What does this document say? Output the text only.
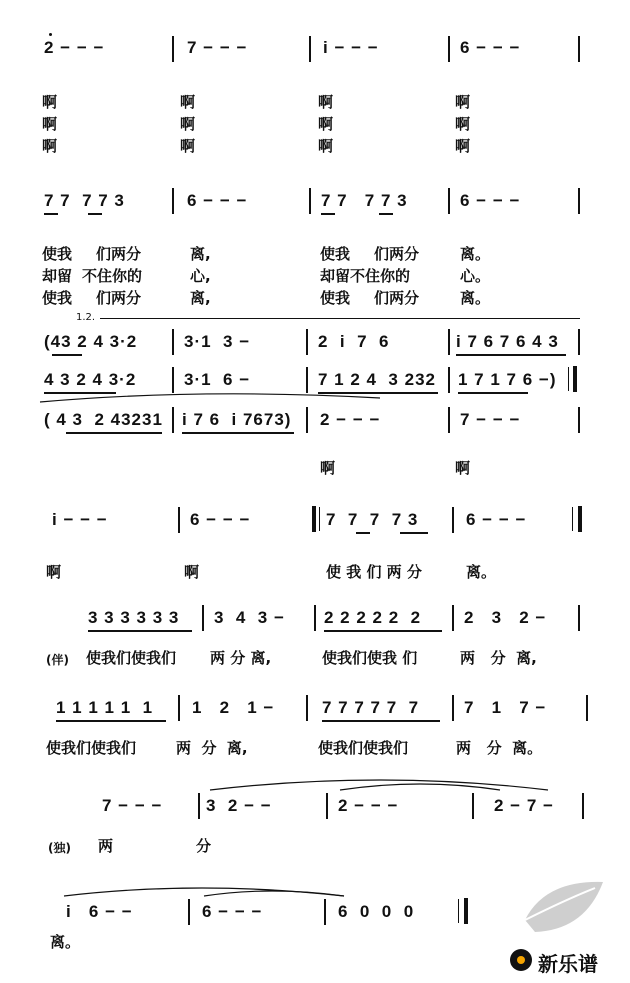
2 − − −	7 − − −	i − − −	6 − − −
啊	啊	啊	啊
啊	啊	啊	啊
啊	啊	啊	啊
7 7  7 7 3	6 − − −	7 7   7 7 3	6 − − −
使我 们两分	离,	使我 们两分	离。
却留 不住你的	心,	却留不住你的	心。
使我 们两分	离,	使我 们两分	离。
1.2.
(43 2 4 3·2	3·1  3 −	2  i  7  6	i 7 6 7 6 4 3
4 3 2 4 3·2	3·1  6 −	7 1 2 4  3 232 1 7 1 7 6 −)
( 4 3  2 43231 i 7 6  i 7673) 2 − − −	7 − − −
啊	啊
i − − −	6 − − −	7  7  7  7 3	6 − − −
啊	啊	使 我 们 两 分	离。
3 3 3 3 3 3 3  4  3 − 2 2 2 2 2  2	2   3   2 −
(伴) 使我们使我们 两 分 离,	使我们使我 们	两   分  离,
1 1 1 1 1  1 1   2   1 −	7 7 7 7 7  7	7   1   7 −
使我们使我们	两  分  离,	使我们使我们	两   分  离。
7 − − −	3  2 − −	2 − − −	2 − 7 −
(独) 两	分
i   6 − −	6 − − −	6  0  0  0
离。
新乐谱
